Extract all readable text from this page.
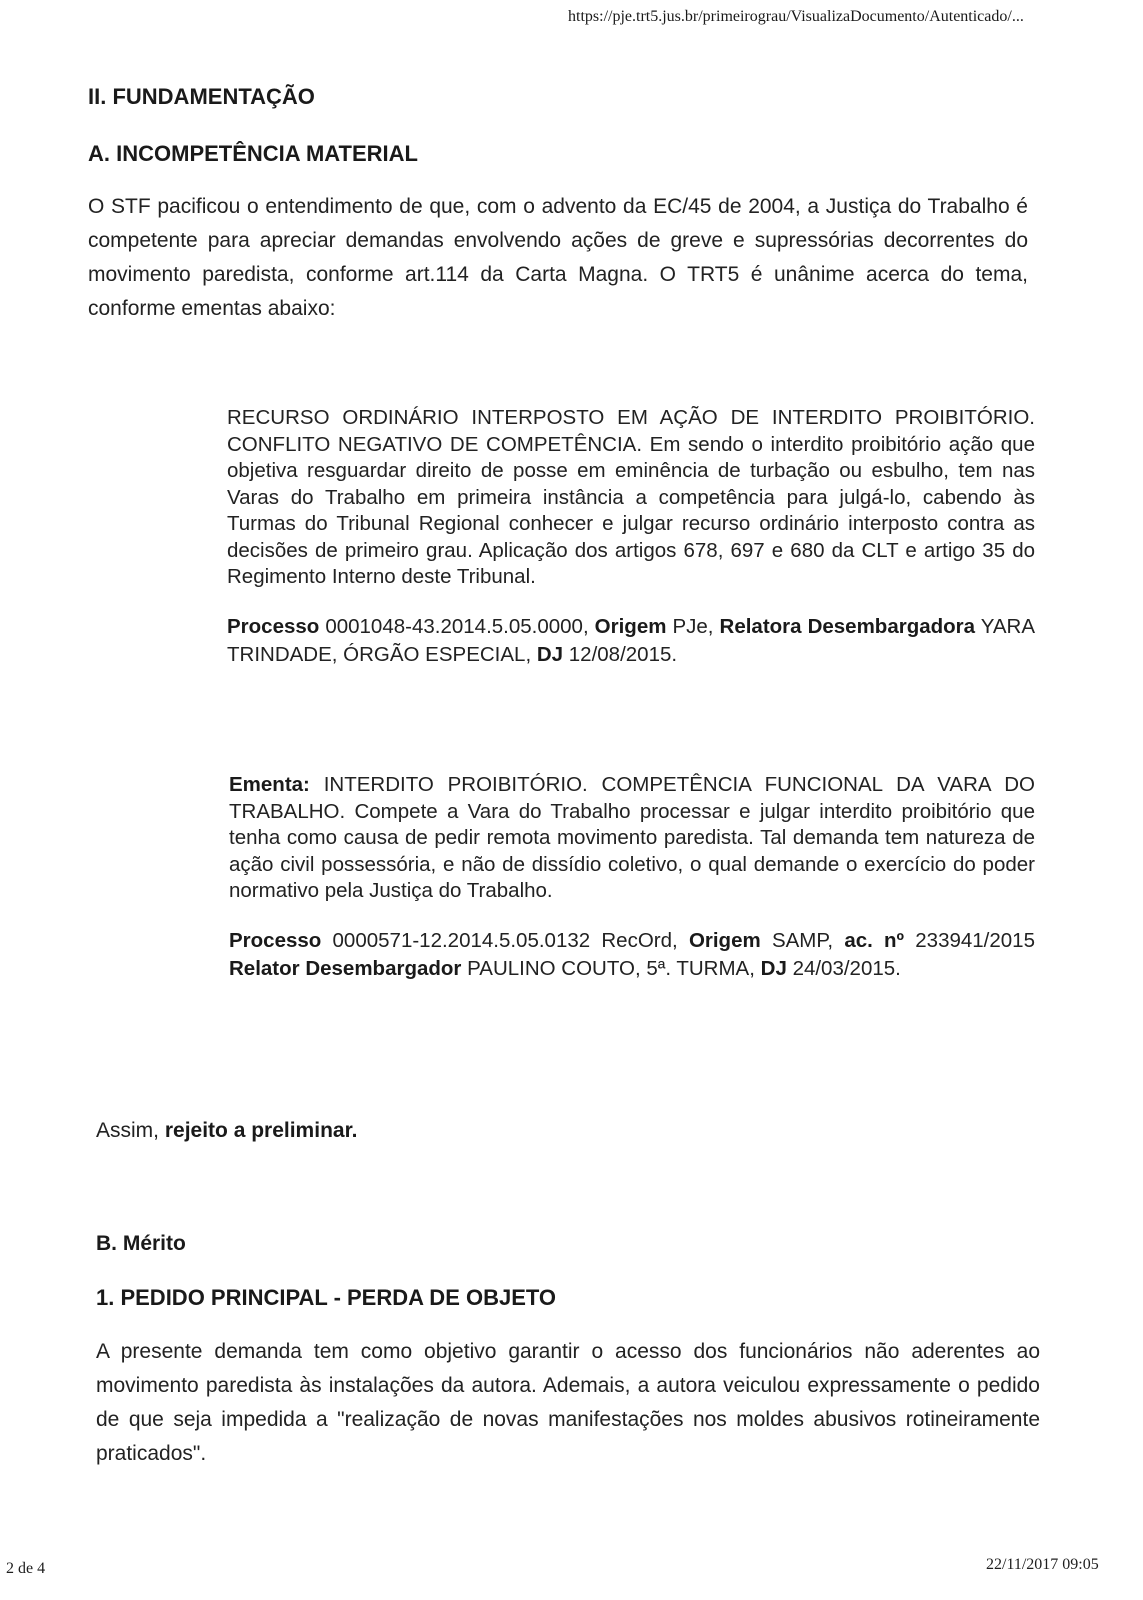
https://pje.trt5.jus.br/primeirograu/VisualizaDocumento/Autenticado/...
II. FUNDAMENTAÇÃO
A. INCOMPETÊNCIA MATERIAL

O STF pacificou o entendimento de que, com o advento da EC/45 de 2004, a Justiça do Trabalho é competente para apreciar demandas envolvendo ações de greve e supressórias decorrentes do movimento paredista, conforme art.114 da Carta Magna. O TRT5 é unânime acerca do tema, conforme ementas abaixo:

RECURSO ORDINÁRIO INTERPOSTO EM AÇÃO DE INTERDITO PROIBITÓRIO. CONFLITO NEGATIVO DE COMPETÊNCIA. Em sendo o interdito proibitório ação que objetiva resguardar direito de posse em eminência de turbação ou esbulho, tem nas Varas do Trabalho em primeira instância a competência para julgá-lo, cabendo às Turmas do Tribunal Regional conhecer e julgar recurso ordinário interposto contra as decisões de primeiro grau. Aplicação dos artigos 678, 697 e 680 da CLT e artigo 35 do Regimento Interno deste Tribunal.

Processo 0001048-43.2014.5.05.0000, Origem PJe, Relatora Desembargadora YARA TRINDADE, ÓRGÃO ESPECIAL, DJ 12/08/2015.

Ementa: INTERDITO PROIBITÓRIO. COMPETÊNCIA FUNCIONAL DA VARA DO TRABALHO. Compete a Vara do Trabalho processar e julgar interdito proibitório que tenha como causa de pedir remota movimento paredista. Tal demanda tem natureza de ação civil possessória, e não de dissídio coletivo, o qual demande o exercício do poder normativo pela Justiça do Trabalho.

Processo 0000571-12.2014.5.05.0132 RecOrd, Origem SAMP, ac. nº 233941/2015 Relator Desembargador PAULINO COUTO, 5ª. TURMA, DJ 24/03/2015.

Assim, rejeito a preliminar.

B. Mérito
1. PEDIDO PRINCIPAL - PERDA DE OBJETO

A presente demanda tem como objetivo garantir o acesso dos funcionários não aderentes ao movimento paredista às instalações da autora. Ademais, a autora veiculou expressamente o pedido de que seja impedida a "realização de novas manifestações nos moldes abusivos rotineiramente praticados".

2 de 4	22/11/2017 09:05
